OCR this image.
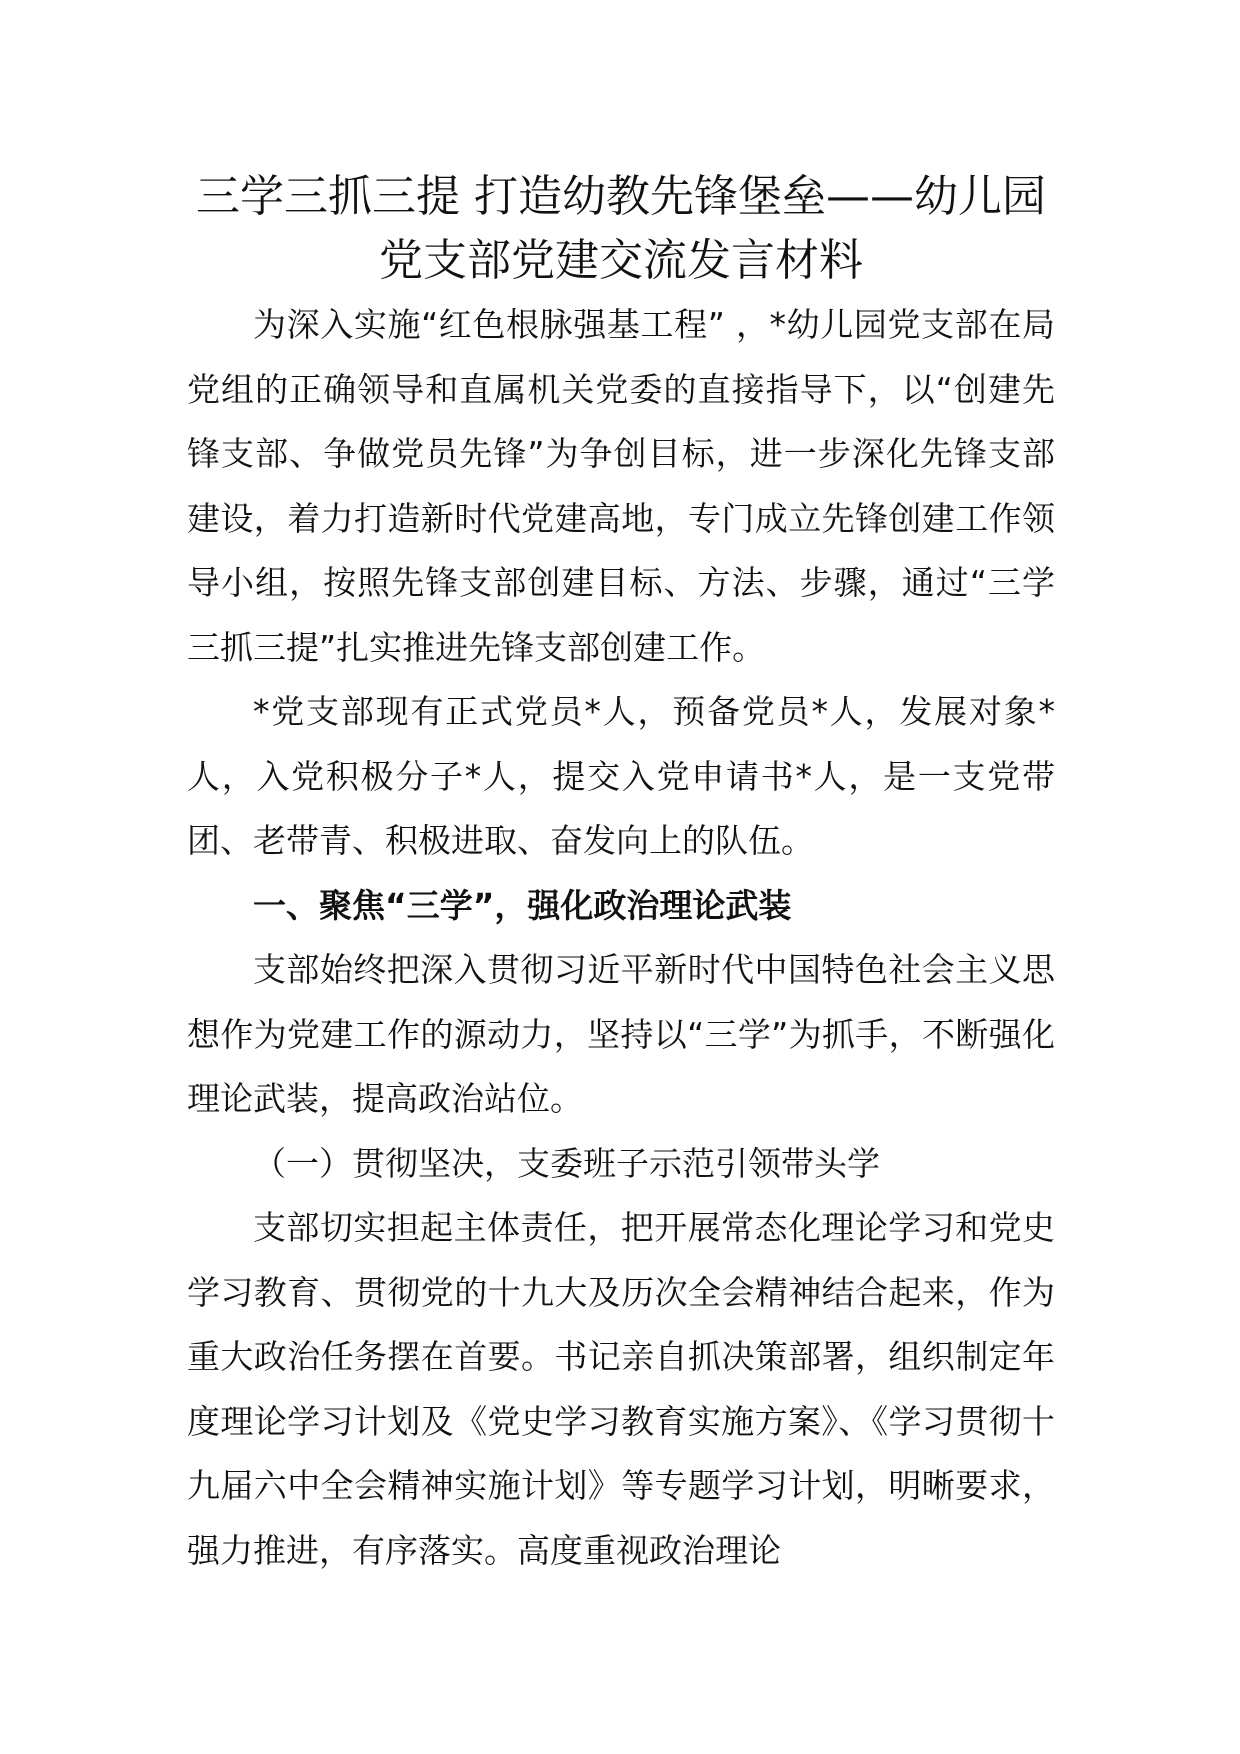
三学三抓三提 打造幼教先锋堡垒——幼儿园党支部党建交流发言材料

为深入实施“红色根脉强基工程” ，*幼儿园党支部在局党组的正确领导和直属机关党委的直接指导下，以“创建先锋支部、争做党员先锋”为争创目标，进一步深化先锋支部建设，着力打造新时代党建高地，专门成立先锋创建工作领导小组，按照先锋支部创建目标、方法、步骤，通过“三学三抓三提”扎实推进先锋支部创建工作。

*党支部现有正式党员*人，预备党员*人，发展对象*人，入党积极分子*人，提交入党申请书*人，是一支党带团、老带青、积极进取、奋发向上的队伍。

一、聚焦“三学”，强化政治理论武装

支部始终把深入贯彻习近平新时代中国特色社会主义思想作为党建工作的源动力，坚持以“三学”为抓手，不断强化理论武装，提高政治站位。

（一）贯彻坚决，支委班子示范引领带头学

支部切实担起主体责任，把开展常态化理论学习和党史学习教育、贯彻党的十九大及历次全会精神结合起来，作为重大政治任务摆在首要。书记亲自抓决策部署，组织制定年度理论学习计划及《党史学习教育实施方案》、《学习贯彻十九届六中全会精神实施计划》等专题学习计划，明晰要求，强力推进，有序落实。高度重视政治理论
